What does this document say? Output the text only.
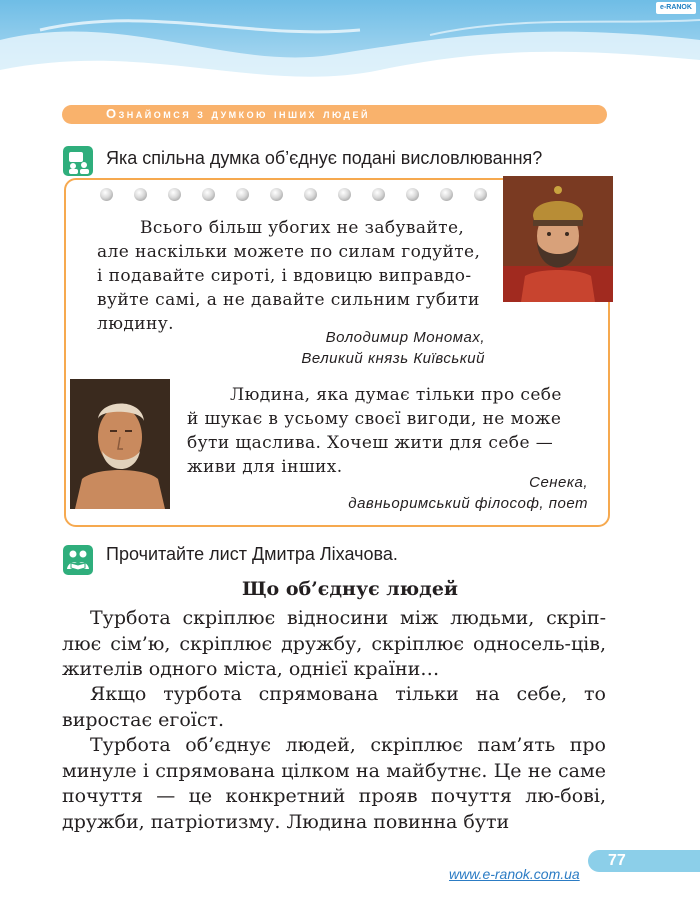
e-RANOK
Ознайомся з думкою інших людей
Яка спільна думка об’єднує подані висловлювання?
Всього більш убогих не забувайте,
але наскільки можете по силам годуйте,
і подавайте сироті, і вдовицю виправдо-
вуйте самі, а не давайте сильним губити
людину.
Володимир Мономах,
Великий князь Київський
Людина, яка думає тільки про себе
й шукає в усьому своєї вигоди, не може
бути щаслива. Хочеш жити для себе —
живи для інших.
Сенека,
давньоримський філософ, поет
Прочитайте лист Дмитра Ліхачова.
Що об’єднує людей
Турбота скріплює відносини між людьми, скріп-лює сім’ю, скріплює дружбу, скріплює односель-ців, жителів одного міста, однієї країни…
Якщо турбота спрямована тільки на себе, то виростає егоїст.
Турбота об’єднує людей, скріплює пам’ять про минуле і спрямована цілком на майбутнє. Це не саме почуття — це конкретний прояв почуття лю-бові, дружби, патріотизму. Людина повинна бути
77
www.e-ranok.com.ua
